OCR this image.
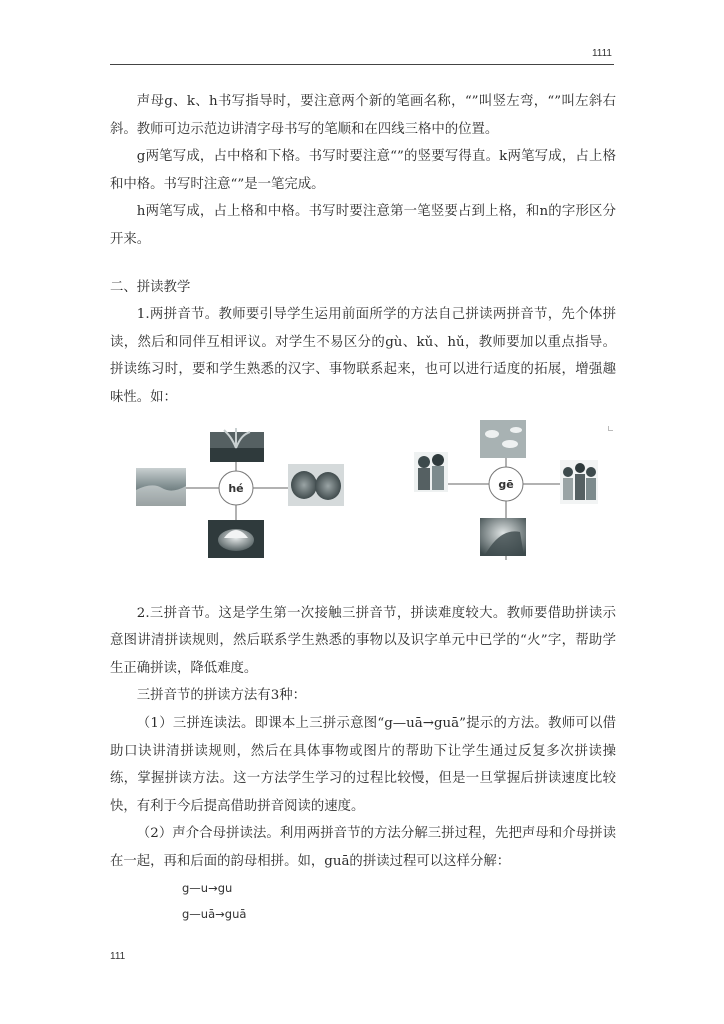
1111

声母g、k、h书写指导时，要注意两个新的笔画名称，“”叫竖左弯，“”叫左斜右斜。教师可边示范边讲清字母书写的笔顺和在四线三格中的位置。

g两笔写成，占中格和下格。书写时要注意“”的竖要写得直。k两笔写成，占上格和中格。书写时注意“”是一笔完成。

h两笔写成，占上格和中格。书写时要注意第一笔竖要占到上格，和n的字形区分开来。

二、拼读教学

1.两拼音节。教师要引导学生运用前面所学的方法自己拼读两拼音节，先个体拼读，然后和同伴互相评议。对学生不易区分的gù、kǔ、hǔ，教师要加以重点指导。拼读练习时，要和学生熟悉的汉字、事物联系起来，也可以进行适度的拓展，增强趣味性。如：

hé	gē

2.三拼音节。这是学生第一次接触三拼音节，拼读难度较大。教师要借助拼读示意图讲清拼读规则，然后联系学生熟悉的事物以及识字单元中已学的“火”字，帮助学生正确拼读，降低难度。

三拼音节的拼读方法有3种：

（1）三拼连读法。即课本上三拼示意图“g—uā→guā”提示的方法。教师可以借助口诀讲清拼读规则，然后在具体事物或图片的帮助下让学生通过反复多次拼读操练，掌握拼读方法。这一方法学生学习的过程比较慢，但是一旦掌握后拼读速度比较快，有利于今后提高借助拼音阅读的速度。

（2）声介合母拼读法。利用两拼音节的方法分解三拼过程，先把声母和介母拼读在一起，再和后面的韵母相拼。如，guā的拼读过程可以这样分解：

g—u→gu
g—uā→guā
111
